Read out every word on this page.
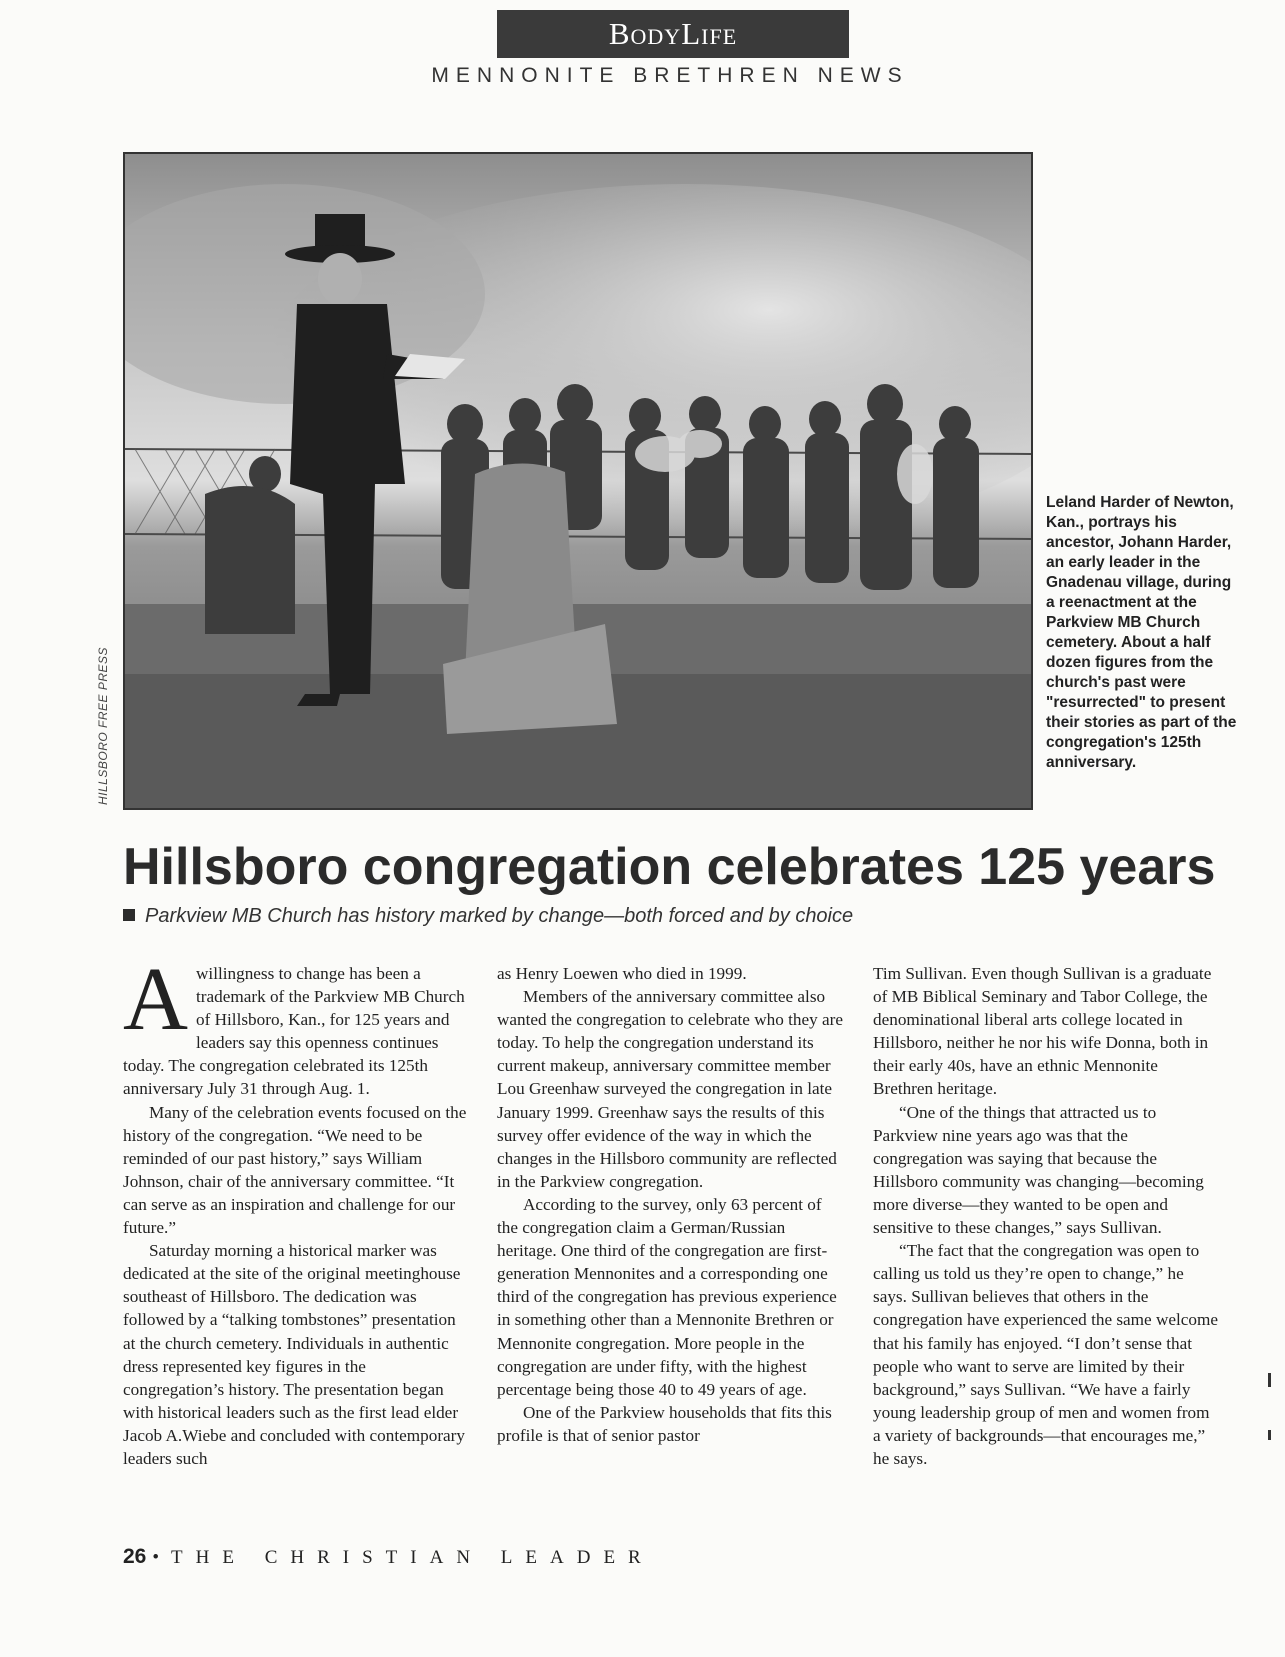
BodyLife
MENNONITE BRETHREN NEWS
HILLSBORO FREE PRESS
Leland Harder of Newton, Kan., portrays his ancestor, Johann Harder, an early leader in the Gnadenau village, during a reenactment at the Parkview MB Church cemetery. About a half dozen figures from the church's past were "resurrected" to present their stories as part of the congregation's 125th anniversary.
Hillsboro congregation celebrates 125 years
Parkview MB Church has history marked by change—both forced and by choice
A willingness to change has been a trademark of the Parkview MB Church of Hillsboro, Kan., for 125 years and leaders say this openness continues today. The congregation celebrated its 125th anniversary July 31 through Aug. 1.

Many of the celebration events focused on the history of the congregation. “We need to be reminded of our past history,” says William Johnson, chair of the anniversary committee. “It can serve as an inspiration and challenge for our future.”

Saturday morning a historical marker was dedicated at the site of the original meetinghouse southeast of Hillsboro. The dedication was followed by a “talking tombstones” presentation at the church cemetery. Individuals in authentic dress represented key figures in the congregation’s history. The presentation began with historical leaders such as the first lead elder Jacob A.Wiebe and concluded with contemporary leaders such

as Henry Loewen who died in 1999.

Members of the anniversary committee also wanted the congregation to celebrate who they are today. To help the congregation understand its current makeup, anniversary committee member Lou Greenhaw surveyed the congregation in late January 1999. Greenhaw says the results of this survey offer evidence of the way in which the changes in the Hillsboro community are reflected in the Parkview congregation.

According to the survey, only 63 percent of the congregation claim a German/Russian heritage. One third of the congregation are first-generation Mennonites and a corresponding one third of the congregation has previous experience in something other than a Mennonite Brethren or Mennonite congregation. More people in the congregation are under fifty, with the highest percentage being those 40 to 49 years of age.

One of the Parkview households that fits this profile is that of senior pastor

Tim Sullivan. Even though Sullivan is a graduate of MB Biblical Seminary and Tabor College, the denominational liberal arts college located in Hillsboro, neither he nor his wife Donna, both in their early 40s, have an ethnic Mennonite Brethren heritage.

“One of the things that attracted us to Parkview nine years ago was that the congregation was saying that because the Hillsboro community was changing—becoming more diverse—they wanted to be open and sensitive to these changes,” says Sullivan.

“The fact that the congregation was open to calling us told us they’re open to change,” he says. Sullivan believes that others in the congregation have experienced the same welcome that his family has enjoyed. “I don’t sense that people who want to serve are limited by their background,” says Sullivan. “We have a fairly young leadership group of men and women from a variety of backgrounds—that encourages me,” he says.

26 • THE CHRISTIAN LEADER
